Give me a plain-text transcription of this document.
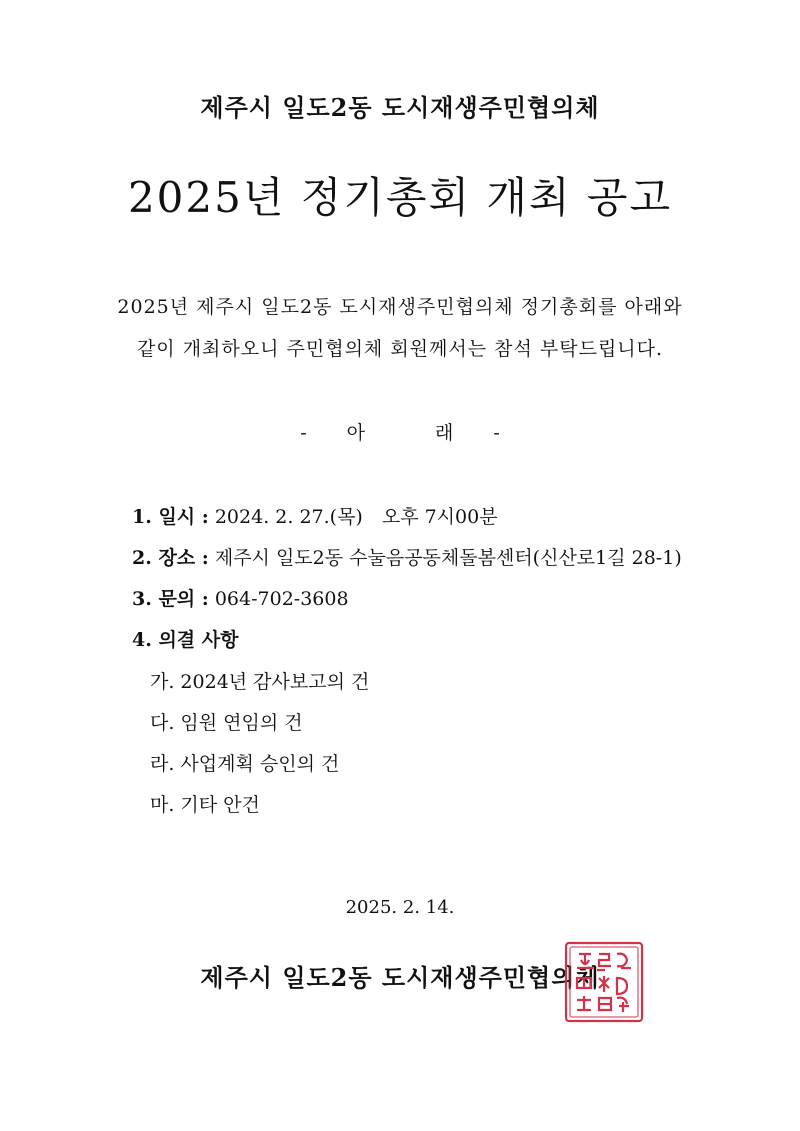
제주시 일도2동 도시재생주민협의체
2025년 정기총회 개최 공고
2025년 제주시 일도2동 도시재생주민협의체 정기총회를 아래와
같이 개최하오니 주민협의체 회원께서는 참석 부탁드립니다.
- 아	래 -
1. 일시 : 2024. 2. 27.(목)　오후 7시00분
2. 장소 : 제주시 일도2동 수눌음공동체돌봄센터(신산로1길 28-1)
3. 문의 : 064-702-3608
4. 의결 사항
가. 2024년 감사보고의 건
다. 임원 연임의 건
라. 사업계획 승인의 건
마. 기타 안건
2025. 2. 14.
제주시 일도2동 도시재생주민협의체
